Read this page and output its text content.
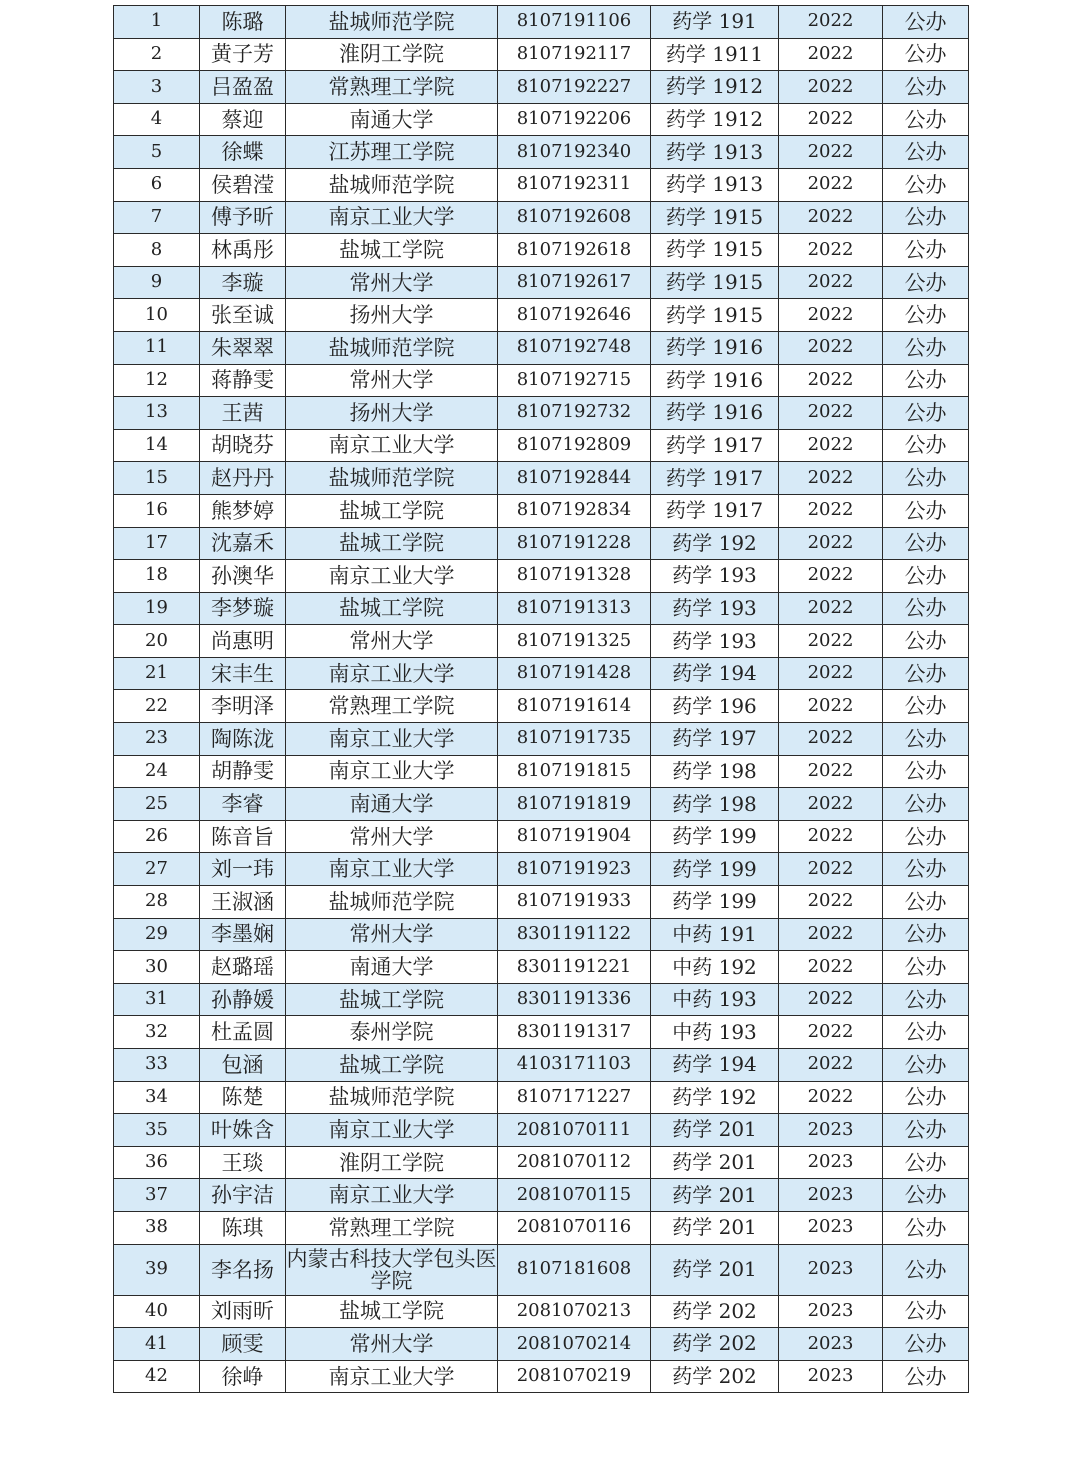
1	陈璐	盐城师范学院	8107191106	药学 191	2022	公办
2	黄子芳	淮阴工学院	8107192117	药学 1911	2022	公办
3	吕盈盈	常熟理工学院	8107192227	药学 1912	2022	公办
4	蔡迎	南通大学	8107192206	药学 1912	2022	公办
5	徐蝶	江苏理工学院	8107192340	药学 1913	2022	公办
6	侯碧滢	盐城师范学院	8107192311	药学 1913	2022	公办
7	傅予昕	南京工业大学	8107192608	药学 1915	2022	公办
8	林禹彤	盐城工学院	8107192618	药学 1915	2022	公办
9	李璇	常州大学	8107192617	药学 1915	2022	公办
10	张至诚	扬州大学	8107192646	药学 1915	2022	公办
11	朱翠翠	盐城师范学院	8107192748	药学 1916	2022	公办
12	蒋静雯	常州大学	8107192715	药学 1916	2022	公办
13	王茜	扬州大学	8107192732	药学 1916	2022	公办
14	胡晓芬	南京工业大学	8107192809	药学 1917	2022	公办
15	赵丹丹	盐城师范学院	8107192844	药学 1917	2022	公办
16	熊梦婷	盐城工学院	8107192834	药学 1917	2022	公办
17	沈嘉禾	盐城工学院	8107191228	药学 192	2022	公办
18	孙澳华	南京工业大学	8107191328	药学 193	2022	公办
19	李梦璇	盐城工学院	8107191313	药学 193	2022	公办
20	尚惠明	常州大学	8107191325	药学 193	2022	公办
21	宋丰生	南京工业大学	8107191428	药学 194	2022	公办
22	李明泽	常熟理工学院	8107191614	药学 196	2022	公办
23	陶陈泷	南京工业大学	8107191735	药学 197	2022	公办
24	胡静雯	南京工业大学	8107191815	药学 198	2022	公办
25	李睿	南通大学	8107191819	药学 198	2022	公办
26	陈音旨	常州大学	8107191904	药学 199	2022	公办
27	刘一玮	南京工业大学	8107191923	药学 199	2022	公办
28	王淑涵	盐城师范学院	8107191933	药学 199	2022	公办
29	李墨娴	常州大学	8301191122	中药 191	2022	公办
30	赵璐瑶	南通大学	8301191221	中药 192	2022	公办
31	孙静媛	盐城工学院	8301191336	中药 193	2022	公办
32	杜孟圆	泰州学院	8301191317	中药 193	2022	公办
33	包涵	盐城工学院	4103171103	药学 194	2022	公办
34	陈楚	盐城师范学院	8107171227	药学 192	2022	公办
35	叶姝含	南京工业大学	2081070111	药学 201	2023	公办
36	王琰	淮阴工学院	2081070112	药学 201	2023	公办
37	孙宇洁	南京工业大学	2081070115	药学 201	2023	公办
38	陈琪	常熟理工学院	2081070116	药学 201	2023	公办
39	李名扬	内蒙古科技大学包头医学院	8107181608	药学 201	2023	公办
40	刘雨昕	盐城工学院	2081070213	药学 202	2023	公办
41	顾雯	常州大学	2081070214	药学 202	2023	公办
42	徐峥	南京工业大学	2081070219	药学 202	2023	公办
